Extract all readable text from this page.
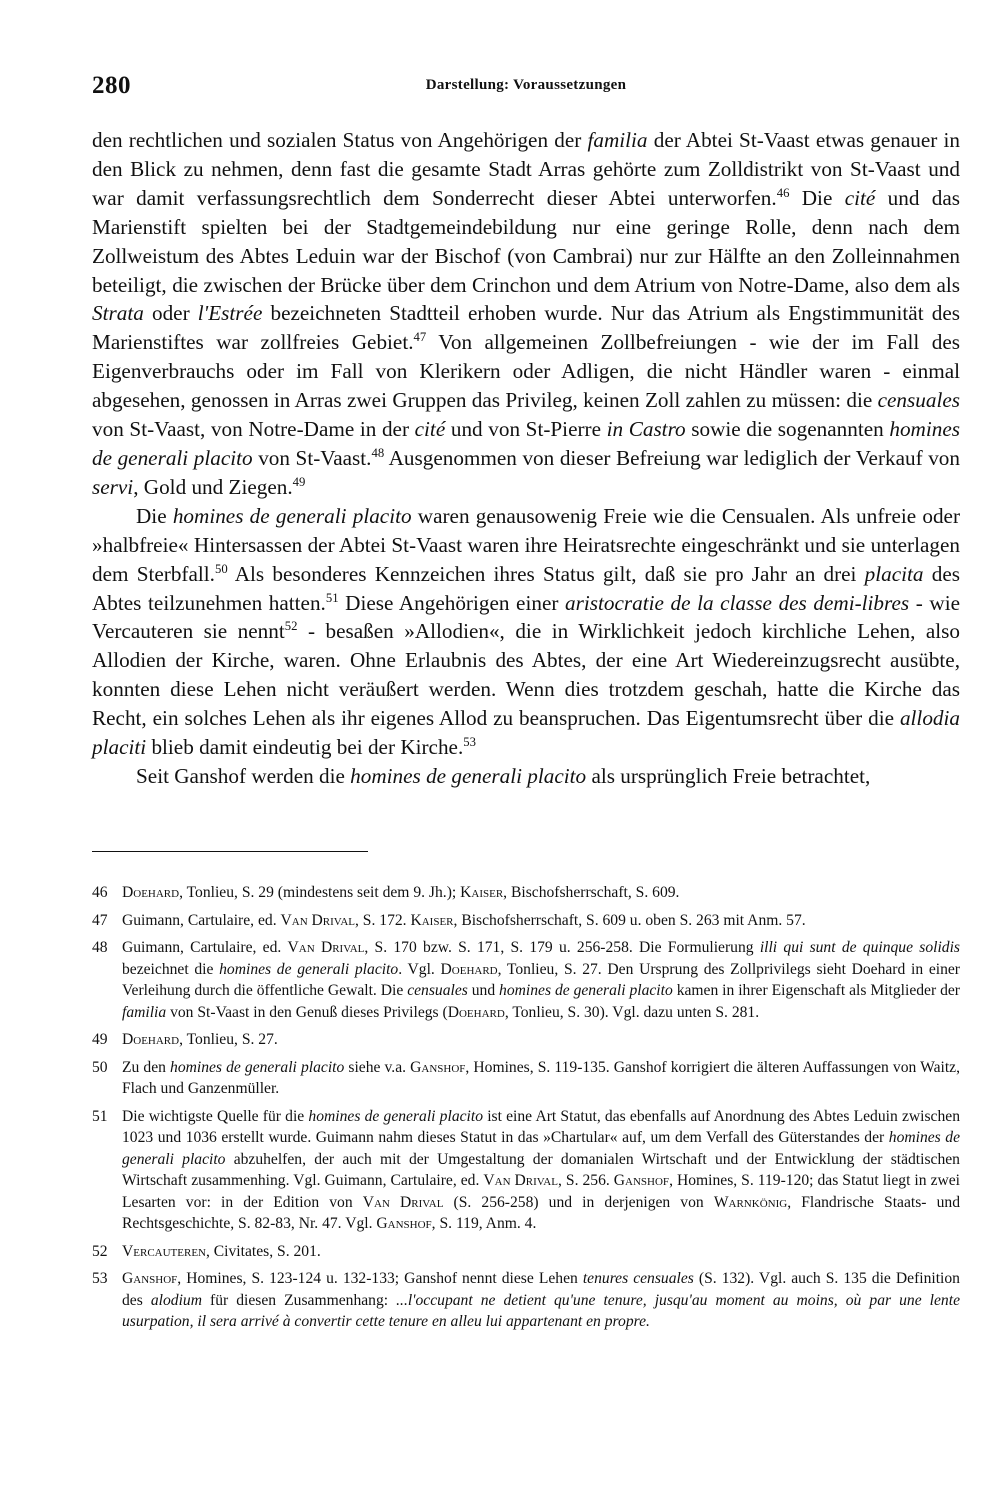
280	Darstellung: Voraussetzungen

den rechtlichen und sozialen Status von Angehörigen der familia der Abtei St-Vaast etwas genauer in den Blick zu nehmen, denn fast die gesamte Stadt Arras gehörte zum Zolldistrikt von St-Vaast und war damit verfassungsrechtlich dem Sonderrecht dieser Abtei unterworfen.$^{46}$ Die cité und das Marienstift spielten bei der Stadtgemeindebildung nur eine geringe Rolle, denn nach dem Zollweistum des Abtes Leduin war der Bischof (von Cambrai) nur zur Hälfte an den Zolleinnahmen beteiligt, die zwischen der Brücke über dem Crinchon und dem Atrium von Notre-Dame, also dem als Strata oder l'Estrée bezeichneten Stadtteil erhoben wurde. Nur das Atrium als Engstimmunität des Marienstiftes war zollfreies Gebiet.$^{47}$ Von allgemeinen Zollbefreiungen - wie der im Fall des Eigenverbrauchs oder im Fall von Klerikern oder Adligen, die nicht Händler waren - einmal abgesehen, genossen in Arras zwei Gruppen das Privileg, keinen Zoll zahlen zu müssen: die censuales von St-Vaast, von Notre-Dame in der cité und von St-Pierre in Castro sowie die sogenannten homines de generali placito von St-Vaast.$^{48}$ Ausgenommen von dieser Befreiung war lediglich der Verkauf von servi, Gold und Ziegen.$^{49}$

Die homines de generali placito waren genausowenig Freie wie die Censualen. Als unfreie oder »halbfreie« Hintersassen der Abtei St-Vaast waren ihre Heiratsrechte eingeschränkt und sie unterlagen dem Sterbfall.$^{50}$ Als besonderes Kennzeichen ihres Status gilt, daß sie pro Jahr an drei placita des Abtes teilzunehmen hatten.$^{51}$ Diese Angehörigen einer aristocratie de la classe des demi-libres - wie Vercauteren sie nennt$^{52}$ - besaßen »Allodien«, die in Wirklichkeit jedoch kirchliche Lehen, also Allodien der Kirche, waren. Ohne Erlaubnis des Abtes, der eine Art Wiedereinzugsrecht ausübte, konnten diese Lehen nicht veräußert werden. Wenn dies trotzdem geschah, hatte die Kirche das Recht, ein solches Lehen als ihr eigenes Allod zu beanspruchen. Das Eigentumsrecht über die allodia placiti blieb damit eindeutig bei der Kirche.$^{53}$

Seit Ganshof werden die homines de generali placito als ursprünglich Freie betrachtet,

46 Doehard, Tonlieu, S. 29 (mindestens seit dem 9. Jh.); Kaiser, Bischofsherrschaft, S. 609.
47 Guimann, Cartulaire, ed. Van Drival, S. 172. Kaiser, Bischofsherrschaft, S. 609 u. oben S. 263 mit Anm. 57.
48 Guimann, Cartulaire, ed. Van Drival, S. 170 bzw. S. 171, S. 179 u. 256-258. Die Formulierung illi qui sunt de quinque solidis bezeichnet die homines de generali placito. Vgl. Doehard, Tonlieu, S. 27. Den Ursprung des Zollprivilegs sieht Doehard in einer Verleihung durch die öffentliche Gewalt. Die censuales und homines de generali placito kamen in ihrer Eigenschaft als Mitglieder der familia von St-Vaast in den Genuß dieses Privilegs (Doehard, Tonlieu, S. 30). Vgl. dazu unten S. 281.
49 Doehard, Tonlieu, S. 27.
50 Zu den homines de generali placito siehe v.a. Ganshof, Homines, S. 119-135. Ganshof korrigiert die älteren Auffassungen von Waitz, Flach und Ganzenmüller.
51 Die wichtigste Quelle für die homines de generali placito ist eine Art Statut, das ebenfalls auf Anordnung des Abtes Leduin zwischen 1023 und 1036 erstellt wurde. Guimann nahm dieses Statut in das »Chartular« auf, um dem Verfall des Güterstandes der homines de generali placito abzuhelfen, der auch mit der Umgestaltung der domanialen Wirtschaft und der Entwicklung der städtischen Wirtschaft zusammenhing. Vgl. Guimann, Cartulaire, ed. Van Drival, S. 256. Ganshof, Homines, S. 119-120; das Statut liegt in zwei Lesarten vor: in der Edition von Van Drival (S. 256-258) und in derjenigen von Warnkönig, Flandrische Staats- und Rechtsgeschichte, S. 82-83, Nr. 47. Vgl. Ganshof, S. 119, Anm. 4.
52 Vercauteren, Civitates, S. 201.
53 Ganshof, Homines, S. 123-124 u. 132-133; Ganshof nennt diese Lehen tenures censuales (S. 132). Vgl. auch S. 135 die Definition des alodium für diesen Zusammenhang: ...l'occupant ne detient qu'une tenure, jusqu'au moment au moins, où par une lente usurpation, il sera arrivé à convertir cette tenure en alleu lui appartenant en propre.
